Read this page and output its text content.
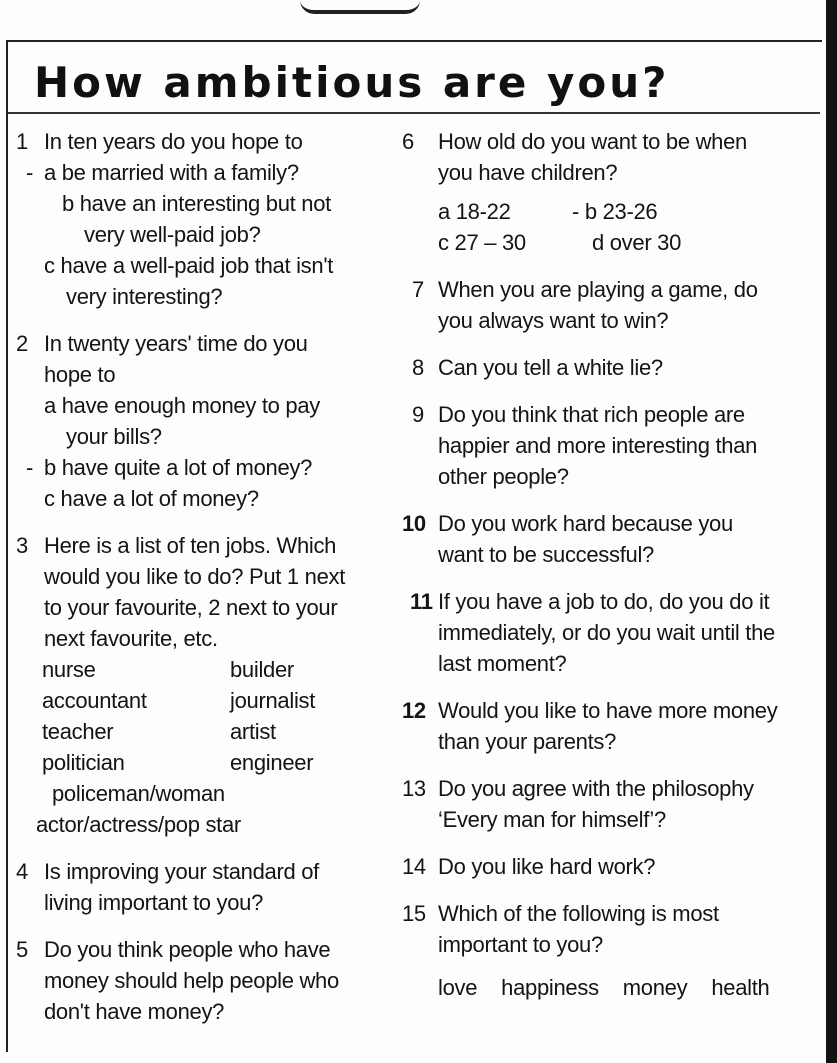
How ambitious are you?
1 In ten years do you hope to
- a be married with a family?
b have an interesting but not
very well-paid job?
c have a well-paid job that isn't
very interesting?
2 In twenty years' time do you
hope to
a have enough money to pay
your bills?
- b have quite a lot of money?
c have a lot of money?
3 Here is a list of ten jobs. Which
would you like to do? Put 1 next
to your favourite, 2 next to your
next favourite, etc.
nurse	builder
accountant	journalist
teacher	artist
politician	engineer
policeman/woman
actor/actress/pop star
4 Is improving your standard of
living important to you?
5 Do you think people who have
money should help people who
don't have money?
6 How old do you want to be when
you have children?
a 18-22	- b 23-26
c 27 – 30	d over 30
7 When you are playing a game, do
you always want to win?
8 Can you tell a white lie?
9 Do you think that rich people are
happier and more interesting than
other people?
10 Do you work hard because you
want to be successful?
11 If you have a job to do, do you do it
immediately, or do you wait until the
last moment?
12 Would you like to have more money
than your parents?
13 Do you agree with the philosophy
‘Every man for himself’?
14 Do you like hard work?
15 Which of the following is most
important to you?
love happiness money health
